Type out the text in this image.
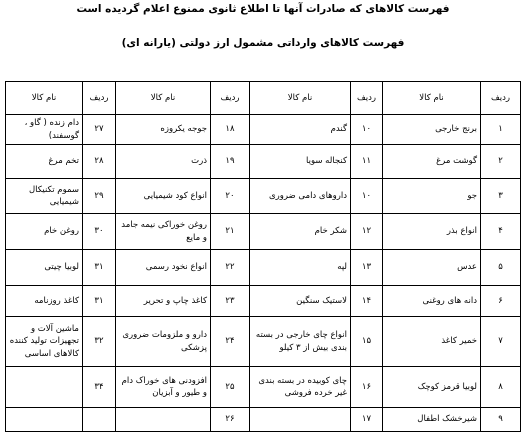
فهرست کالاهای که صادرات آنها تا اطلاع ثانوی ممنوع اعلام گردیده است
فهرست کالاهای وارداتی مشمول ارز دولتی (یارانه ای)
ردیف	نام کالا	ردیف	نام کالا	ردیف	نام کالا	ردیف	نام کالا
۱	برنج خارجی	۱۰	گندم	۱۸	جوجه یکروزه	۲۷	دام زنده ( گاو ، گوسفند)
۲	گوشت مرغ	۱۱	کنجاله سویا	۱۹	ذرت	۲۸	تخم مرغ
۳	جو	۱۰	داروهای دامی ضروری	۲۰	انواع کود شیمیایی	۲۹	سموم تکنیکال شیمیایی
۴	انواع بذر	۱۲	شکر خام	۲۱	روغن خوراکی نیمه جامد و مایع	۳۰	روغن خام
۵	عدس	۱۳	لپه	۲۲	انواع نخود رسمی	۳۱	لوبیا چیتی
۶	دانه های روغنی	۱۴	لاستیک سنگین	۲۳	کاغذ چاپ و تحریر	۳۱	کاغذ روزنامه
۷	خمیر کاغذ	۱۵	انواع چای خارجی در بسته بندی بیش از ۳ کیلو	۲۴	دارو و ملزومات ضروری پزشکی	۳۲	ماشین آلات و تجهیزات تولید کننده کالاهای اساسی
۸	لوبیا قرمز کوچک	۱۶	چای کوبیده در بسته بندی غیر خرده فروشی	۲۵	افزودنی های خوراک دام و طیور و آبزیان	۳۴	
۹	شیرخشک اطفال	۱۷		۲۶			
